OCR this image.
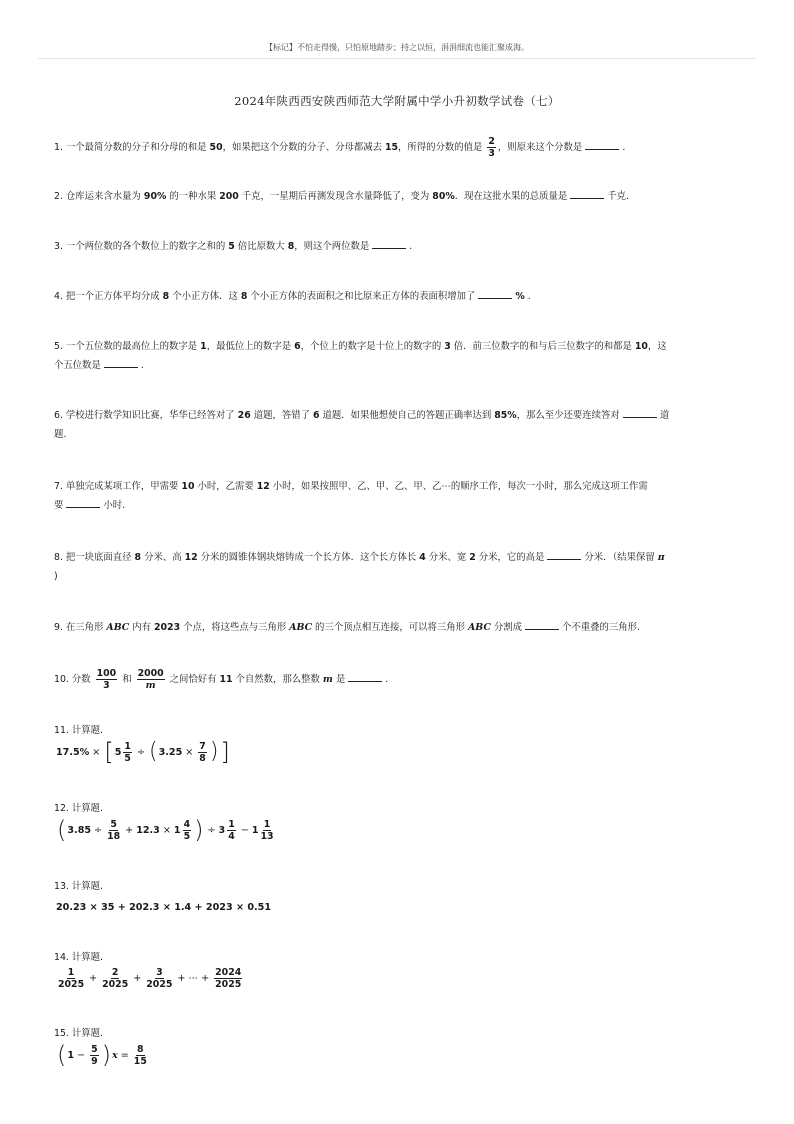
【标记】不怕走得慢，只怕原地踏步；持之以恒，涓涓细流也能汇聚成海。
2024年陕西西安陕西师范大学附属中学小升初数学试卷（七）
1. 一个最简分数的分子和分母的和是 50，如果把这个分数的分子、分母都减去 15，所得的分数的值是 $\frac{2}{3}$ ，则原来这个分数是	.
2. 仓库运来含水量为 90% 的一种水果 200 千克，一星期后再测发现含水量降低了，变为 80%．现在这批水果的总质量是	千克.
3. 一个两位数的各个数位上的数字之和的 5 倍比原数大 8，则这个两位数是	.
4. 把一个正方体平均分成 8 个小正方体．这 8 个小正方体的表面积之和比原来正方体的表面积增加了	% .
5. 一个五位数的最高位上的数字是 1，最低位上的数字是 6，个位上的数字是十位上的数字的 3 倍．前三位数字的和与后三位数字的和都是 10，这
个五位数是	.
6. 学校进行数学知识比赛，华华已经答对了 26 道题，答错了 6 道题．如果他想使自己的答题正确率达到 85%，那么至少还要连续答对	道
题.
7. 单独完成某项工作，甲需要 10 小时，乙需要 12 小时，如果按照甲、乙、甲、乙、甲、乙⋯的顺序工作，每次一小时，那么完成这项工作需
要	小时.
8. 把一块底面直径 8 分米、高 12 分米的圆锥体钢块熔铸成一个长方体．这个长方体长 4 分米、宽 2 分米，它的高是	分米．（结果保留 π
)
9. 在三角形 ABC 内有 2023 个点，将这些点与三角形 ABC 的三个顶点相互连接，可以将三角形 ABC 分割成	个不重叠的三角形.
10. 分数 $\frac{100}{3}$ 和 $\frac{2000}{m}$ 之间恰好有 11 个自然数，那么整数 m 是	.
11. 计算题.
17.5% × [ $5 \frac{1}{5}$ ÷ ( $3.25 \times \frac{7}{8}$ ) ]
12. 计算题.
( $3.85 \div \frac{5}{18} + 12.3 \times 1 \frac{4}{5}$ ) ÷ $3 \frac{1}{4} - 1 \frac{1}{13}$
13. 计算题.
20.23 × 35 + 202.3 × 1.4 + 2023 × 0.51
14. 计算题.
$\frac{1}{2025} + \frac{2}{2025} + \frac{3}{2025}$ + ⋯ + $\frac{2024}{2025}$
15. 计算题.
( $1 - \frac{5}{9}$ ) $x = \frac{8}{15}$
